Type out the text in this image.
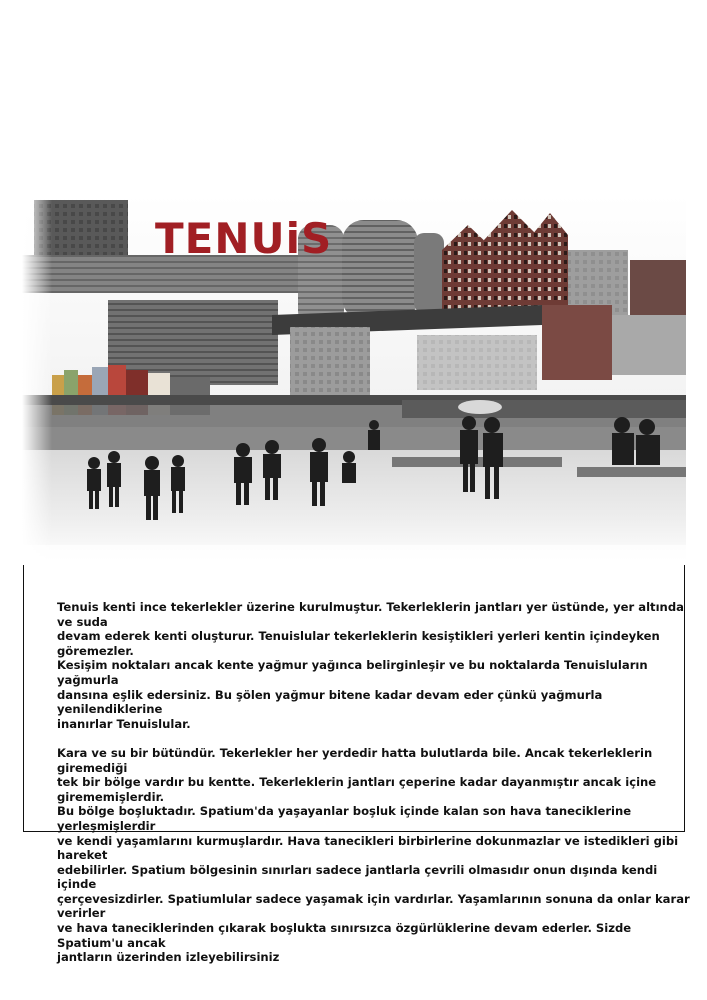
TENUiS

Tenuis kenti ince tekerlekler üzerine kurulmuştur. Tekerleklerin jantları yer üstünde, yer altında ve suda
devam ederek kenti oluşturur. Tenuislular tekerleklerin kesiştikleri yerleri kentin içindeyken göremezler.
Kesişim noktaları ancak kente yağmur yağınca belirginleşir ve bu noktalarda Tenuisluların yağmurla
dansına eşlik edersiniz. Bu şölen yağmur bitene kadar devam eder çünkü yağmurla yenilendiklerine
inanırlar Tenuislular.

Kara ve su bir bütündür. Tekerlekler her yerdedir hatta bulutlarda bile. Ancak tekerleklerin giremediği
tek bir bölge vardır bu kentte. Tekerleklerin jantları çeperine kadar dayanmıştır ancak içine girememişlerdir.
Bu bölge boşluktadır. Spatium'da yaşayanlar boşluk içinde kalan son hava taneciklerine yerleşmişlerdir
ve kendi yaşamlarını kurmuşlardır. Hava tanecikleri birbirlerine dokunmazlar ve istedikleri gibi hareket
edebilirler. Spatium bölgesinin sınırları sadece jantlarla çevrili olmasıdır onun dışında kendi içinde
çerçevesizdirler. Spatiumlular sadece yaşamak için vardırlar. Yaşamlarının sonuna da onlar karar verirler
ve hava taneciklerinden çıkarak boşlukta sınırsızca özgürlüklerine devam ederler. Sizde Spatium'u ancak
jantların üzerinden izleyebilirsiniz
